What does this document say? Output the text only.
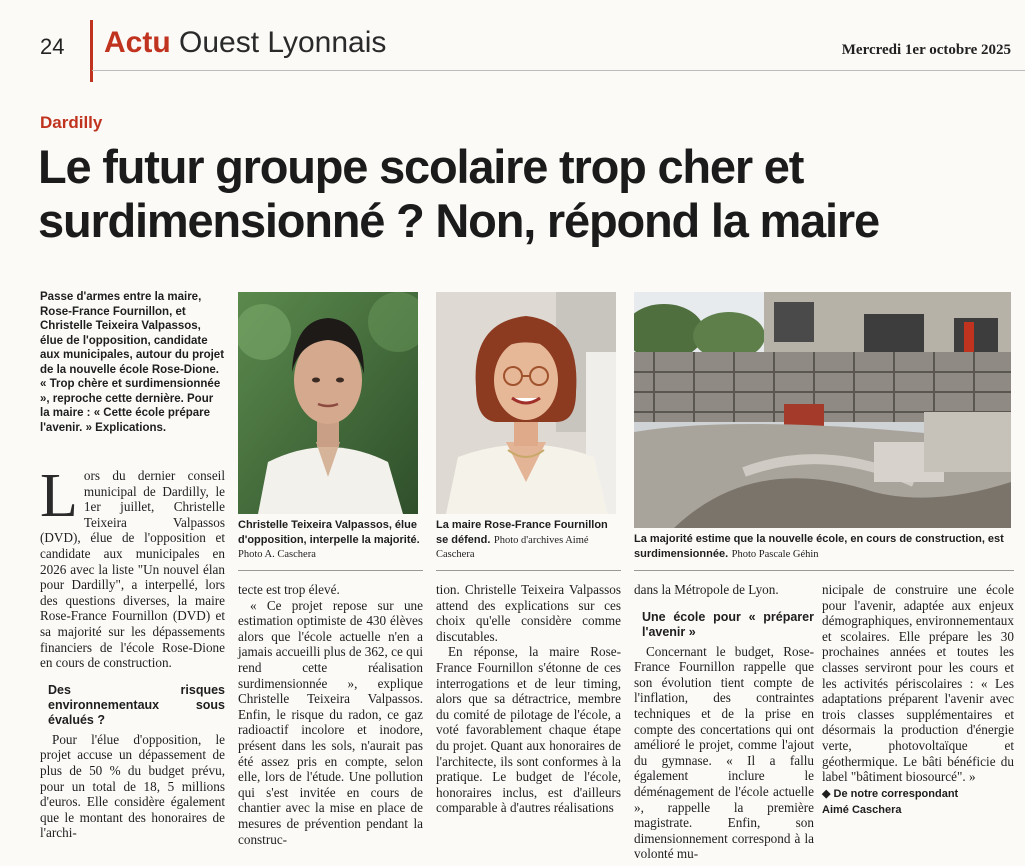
24 Actu Ouest Lyonnais	Mercredi 1er octobre 2025
Dardilly
Le futur groupe scolaire trop cher et surdimensionné ? Non, répond la maire
Passe d'armes entre la maire, Rose-France Fournillon, et Christelle Teixeira Valpassos, élue de l'opposition, candidate aux municipales, autour du projet de la nouvelle école Rose-Dione. « Trop chère et surdimensionnée », reproche cette dernière. Pour la maire : « Cette école prépare l'avenir. » Explications.
Christelle Teixeira Valpassos, élue d'opposition, interpelle la majorité. Photo A. Caschera
La maire Rose-France Fournillon se défend. Photo d'archives Aimé Caschera
La majorité estime que la nouvelle école, en cours de construction, est surdimensionnée. Photo Pascale Géhin

Lors du dernier conseil municipal de Dardilly, le 1er juillet, Christelle Teixeira Valpassos (DVD), élue de l'opposition et candidate aux municipales en 2026 avec la liste "Un nouvel élan pour Dardilly", a interpellé, lors des questions diverses, la maire Rose-France Fournillon (DVD) et sa majorité sur les dépassements financiers de l'école Rose-Dione en cours de construction.

Des risques environnementaux sous évalués ?

Pour l'élue d'opposition, le projet accuse un dépassement de plus de 50 % du budget prévu, pour un total de 18, 5 millions d'euros. Elle considère également que le montant des honoraires de l'archi-

tecte est trop élevé.

« Ce projet repose sur une estimation optimiste de 430 élèves alors que l'école actuelle n'en a jamais accueilli plus de 362, ce qui rend cette réalisation surdimensionnée », explique Christelle Teixeira Valpassos. Enfin, le risque du radon, ce gaz radioactif incolore et inodore, présent dans les sols, n'aurait pas été assez pris en compte, selon elle, lors de l'étude. Une pollution qui s'est invitée en cours de chantier avec la mise en place de mesures de prévention pendant la construc-

tion. Christelle Teixeira Valpassos attend des explications sur ces choix qu'elle considère comme discutables.

En réponse, la maire Rose-France Fournillon s'étonne de ces interrogations et de leur timing, alors que sa détractrice, membre du comité de pilotage de l'école, a voté favorablement chaque étape du projet. Quant aux honoraires de l'architecte, ils sont conformes à la pratique. Le budget de l'école, honoraires inclus, est d'ailleurs comparable à d'autres réalisations

dans la Métropole de Lyon.

Une école pour « préparer l'avenir »

Concernant le budget, Rose-France Fournillon rappelle que son évolution tient compte de l'inflation, des contraintes techniques et de la prise en compte des concertations qui ont amélioré le projet, comme l'ajout du gymnase. « Il a fallu également inclure le déménagement de l'école actuelle », rappelle la première magistrate. Enfin, son dimensionnement correspond à la volonté mu-

nicipale de construire une école pour l'avenir, adaptée aux enjeux démographiques, environnementaux et scolaires. Elle prépare les 30 prochaines années et toutes les classes serviront pour les cours et les activités périscolaires : « Les adaptations préparent l'avenir avec trois classes supplémentaires et désormais la production d'énergie verte, photovoltaïque et géothermique. Le bâti bénéficie du label "bâtiment biosourcé". »

◆ De notre correspondant

Aimé Caschera
